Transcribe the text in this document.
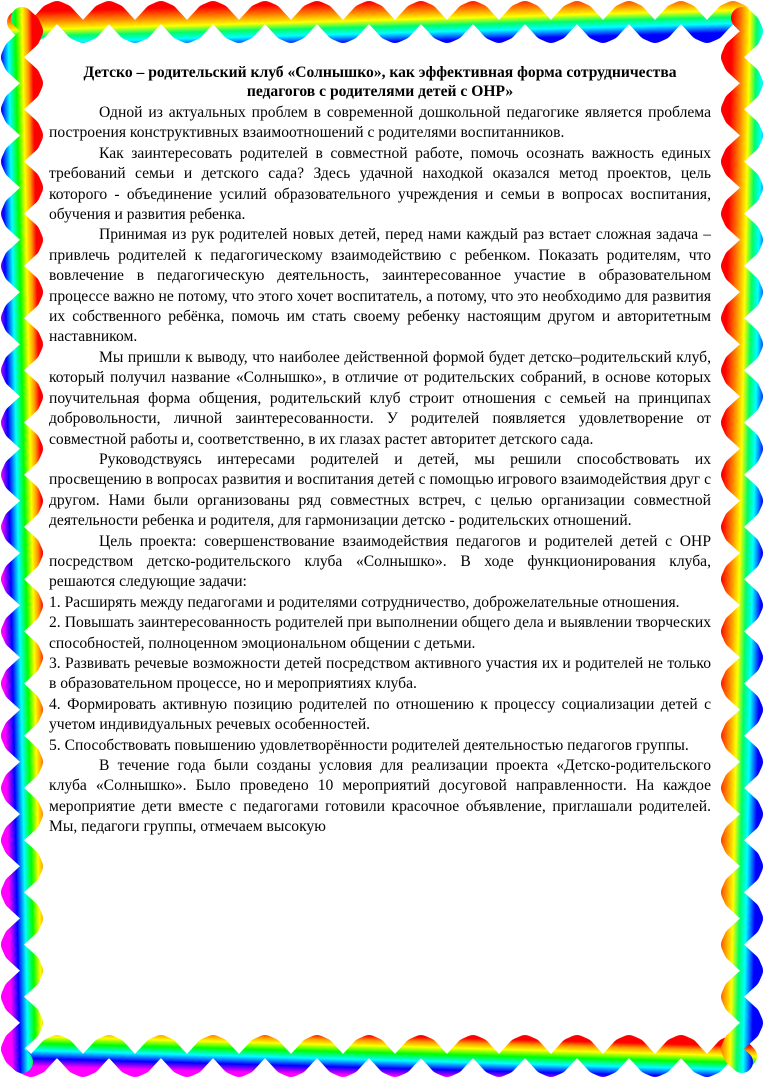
Детско – родительский клуб «Солнышко», как эффективная форма сотрудничества педагогов с родителями детей с ОНР»

Одной из актуальных проблем в современной дошкольной педагогике является проблема построения конструктивных взаимоотношений с родителями воспитанников.

Как заинтересовать родителей в совместной работе, помочь осознать важность единых требований семьи и детского сада? Здесь удачной находкой оказался метод проектов, цель которого - объединение усилий образовательного учреждения и семьи в вопросах воспитания, обучения и развития ребенка.

Принимая из рук родителей новых детей, перед нами каждый раз встает сложная задача – привлечь родителей к педагогическому взаимодействию с ребенком. Показать родителям, что вовлечение в педагогическую деятельность, заинтересованное участие в образовательном процессе важно не потому, что этого хочет воспитатель, а потому, что это необходимо для развития их собственного ребёнка, помочь им стать своему ребенку настоящим другом и авторитетным наставником.

Мы пришли к выводу, что наиболее действенной формой будет детско–родительский клуб, который получил название «Солнышко», в отличие от родительских собраний, в основе которых поучительная форма общения, родительский клуб строит отношения с семьей на принципах добровольности, личной заинтересованности. У родителей появляется удовлетворение от совместной работы и, соответственно, в их глазах растет авторитет детского сада.

Руководствуясь интересами родителей и детей, мы решили способствовать их просвещению в вопросах развития и воспитания детей с помощью игрового взаимодействия друг с другом. Нами были организованы ряд совместных встреч, с целью организации совместной деятельности ребенка и родителя, для гармонизации детско - родительских отношений.

Цель проекта: совершенствование взаимодействия педагогов и родителей детей с ОНР посредством детско-родительского клуба «Солнышко». В ходе функционирования клуба, решаются следующие задачи:

1. Расширять между педагогами и родителями сотрудничество, доброжелательные отношения.

2. Повышать заинтересованность родителей при выполнении общего дела и выявлении творческих способностей, полноценном эмоциональном общении с детьми.

3. Развивать речевые возможности детей посредством активного участия их и родителей не только в образовательном процессе, но и мероприятиях клуба.

4. Формировать активную позицию родителей по отношению к процессу социализации детей с учетом индивидуальных речевых особенностей.

5. Способствовать повышению удовлетворённости родителей деятельностью педагогов группы.

В течение года были созданы условия для реализации проекта «Детско-родительского клуба «Солнышко». Было проведено 10 мероприятий досуговой направленности. На каждое мероприятие дети вместе с педагогами готовили красочное объявление, приглашали родителей. Мы, педагоги группы, отмечаем высокую
